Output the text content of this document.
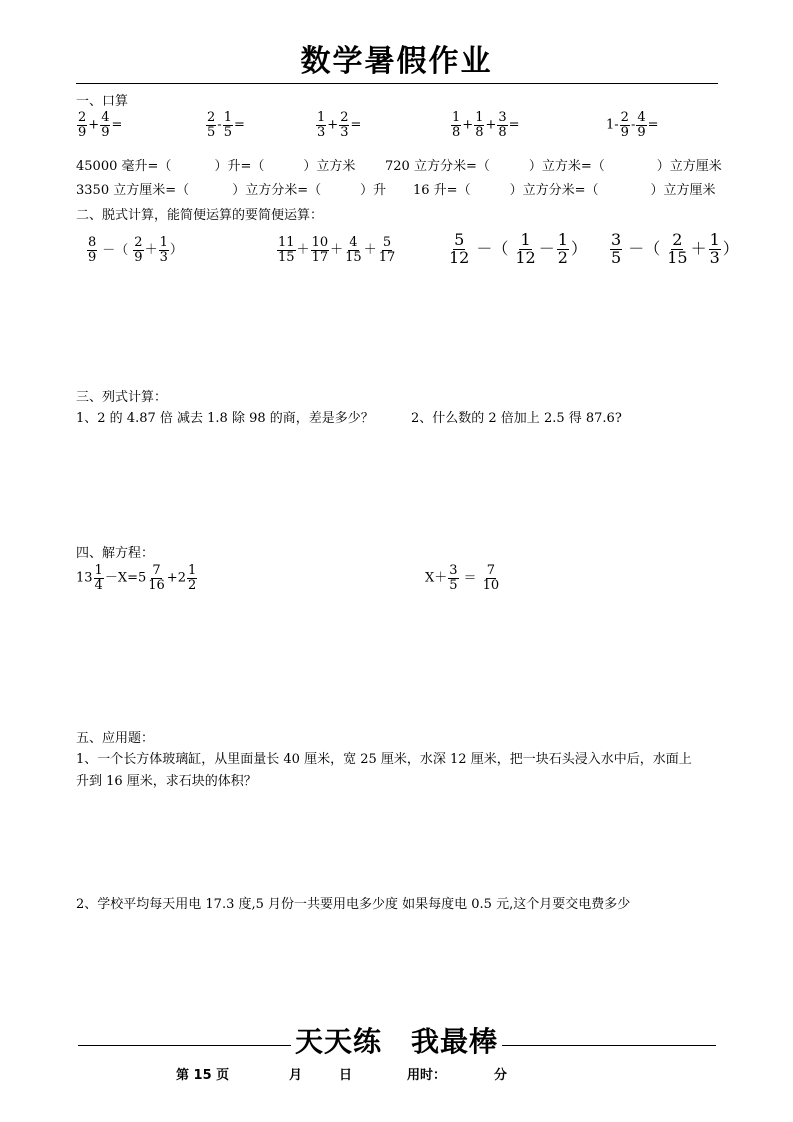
数学暑假作业
一、口算
$\frac{2}{9} + \frac{4}{9}$ =	$\frac{2}{5} - \frac{1}{5}$ =	$\frac{1}{3} + \frac{2}{3}$ =	$\frac{1}{8} + \frac{1}{8} + \frac{3}{8}$ =	$1- \frac{2}{9} - \frac{4}{9}$ =
45000 毫升=（　　　 ）升=（　　　）立方米 720 立方分米=（　　　）立方米=（　　　　）立方厘米
3350 立方厘米=（　　　 ）立方分米=（　　　）升 16 升=（　　　）立方分米=（　　　　）立方厘米
二、脱式计算，能简便运算的要简便运算：
$\frac{8}{9}$ －（ $\frac{2}{9} + \frac{1}{3}$ ）	$\frac{11}{15} + \frac{10}{17} + \frac{4}{15} + \frac{5}{17}$	$\frac{5}{12}$ －（ $\frac{1}{12} - \frac{1}{2}$ ） $\frac{3}{5}$ －（ $\frac{2}{15} + \frac{1}{3}$ ）
三、列式计算：
1、2 的 4.87 倍 减去 1.8 除 98 的商，差是多少？	2、什么数的 2 倍加上 2.5 得 87.6?
四、解方程：
$13 \frac{1}{4} -X=5 \frac{7}{16} +2 \frac{1}{2}$	$X+ \frac{3}{5} = \frac{7}{10}$
五、应用题：
1、一个长方体玻璃缸，从里面量长 40 厘米，宽 25 厘米，水深 12 厘米，把一块石头浸入水中后，水面上
升到 16 厘米，求石块的体积？
2、学校平均每天用电 17.3 度,5 月份一共要用电多少度 如果每度电 0.5 元,这个月要交电费多少
天天练　我最棒
第 15 页	月	日	用时：	分
